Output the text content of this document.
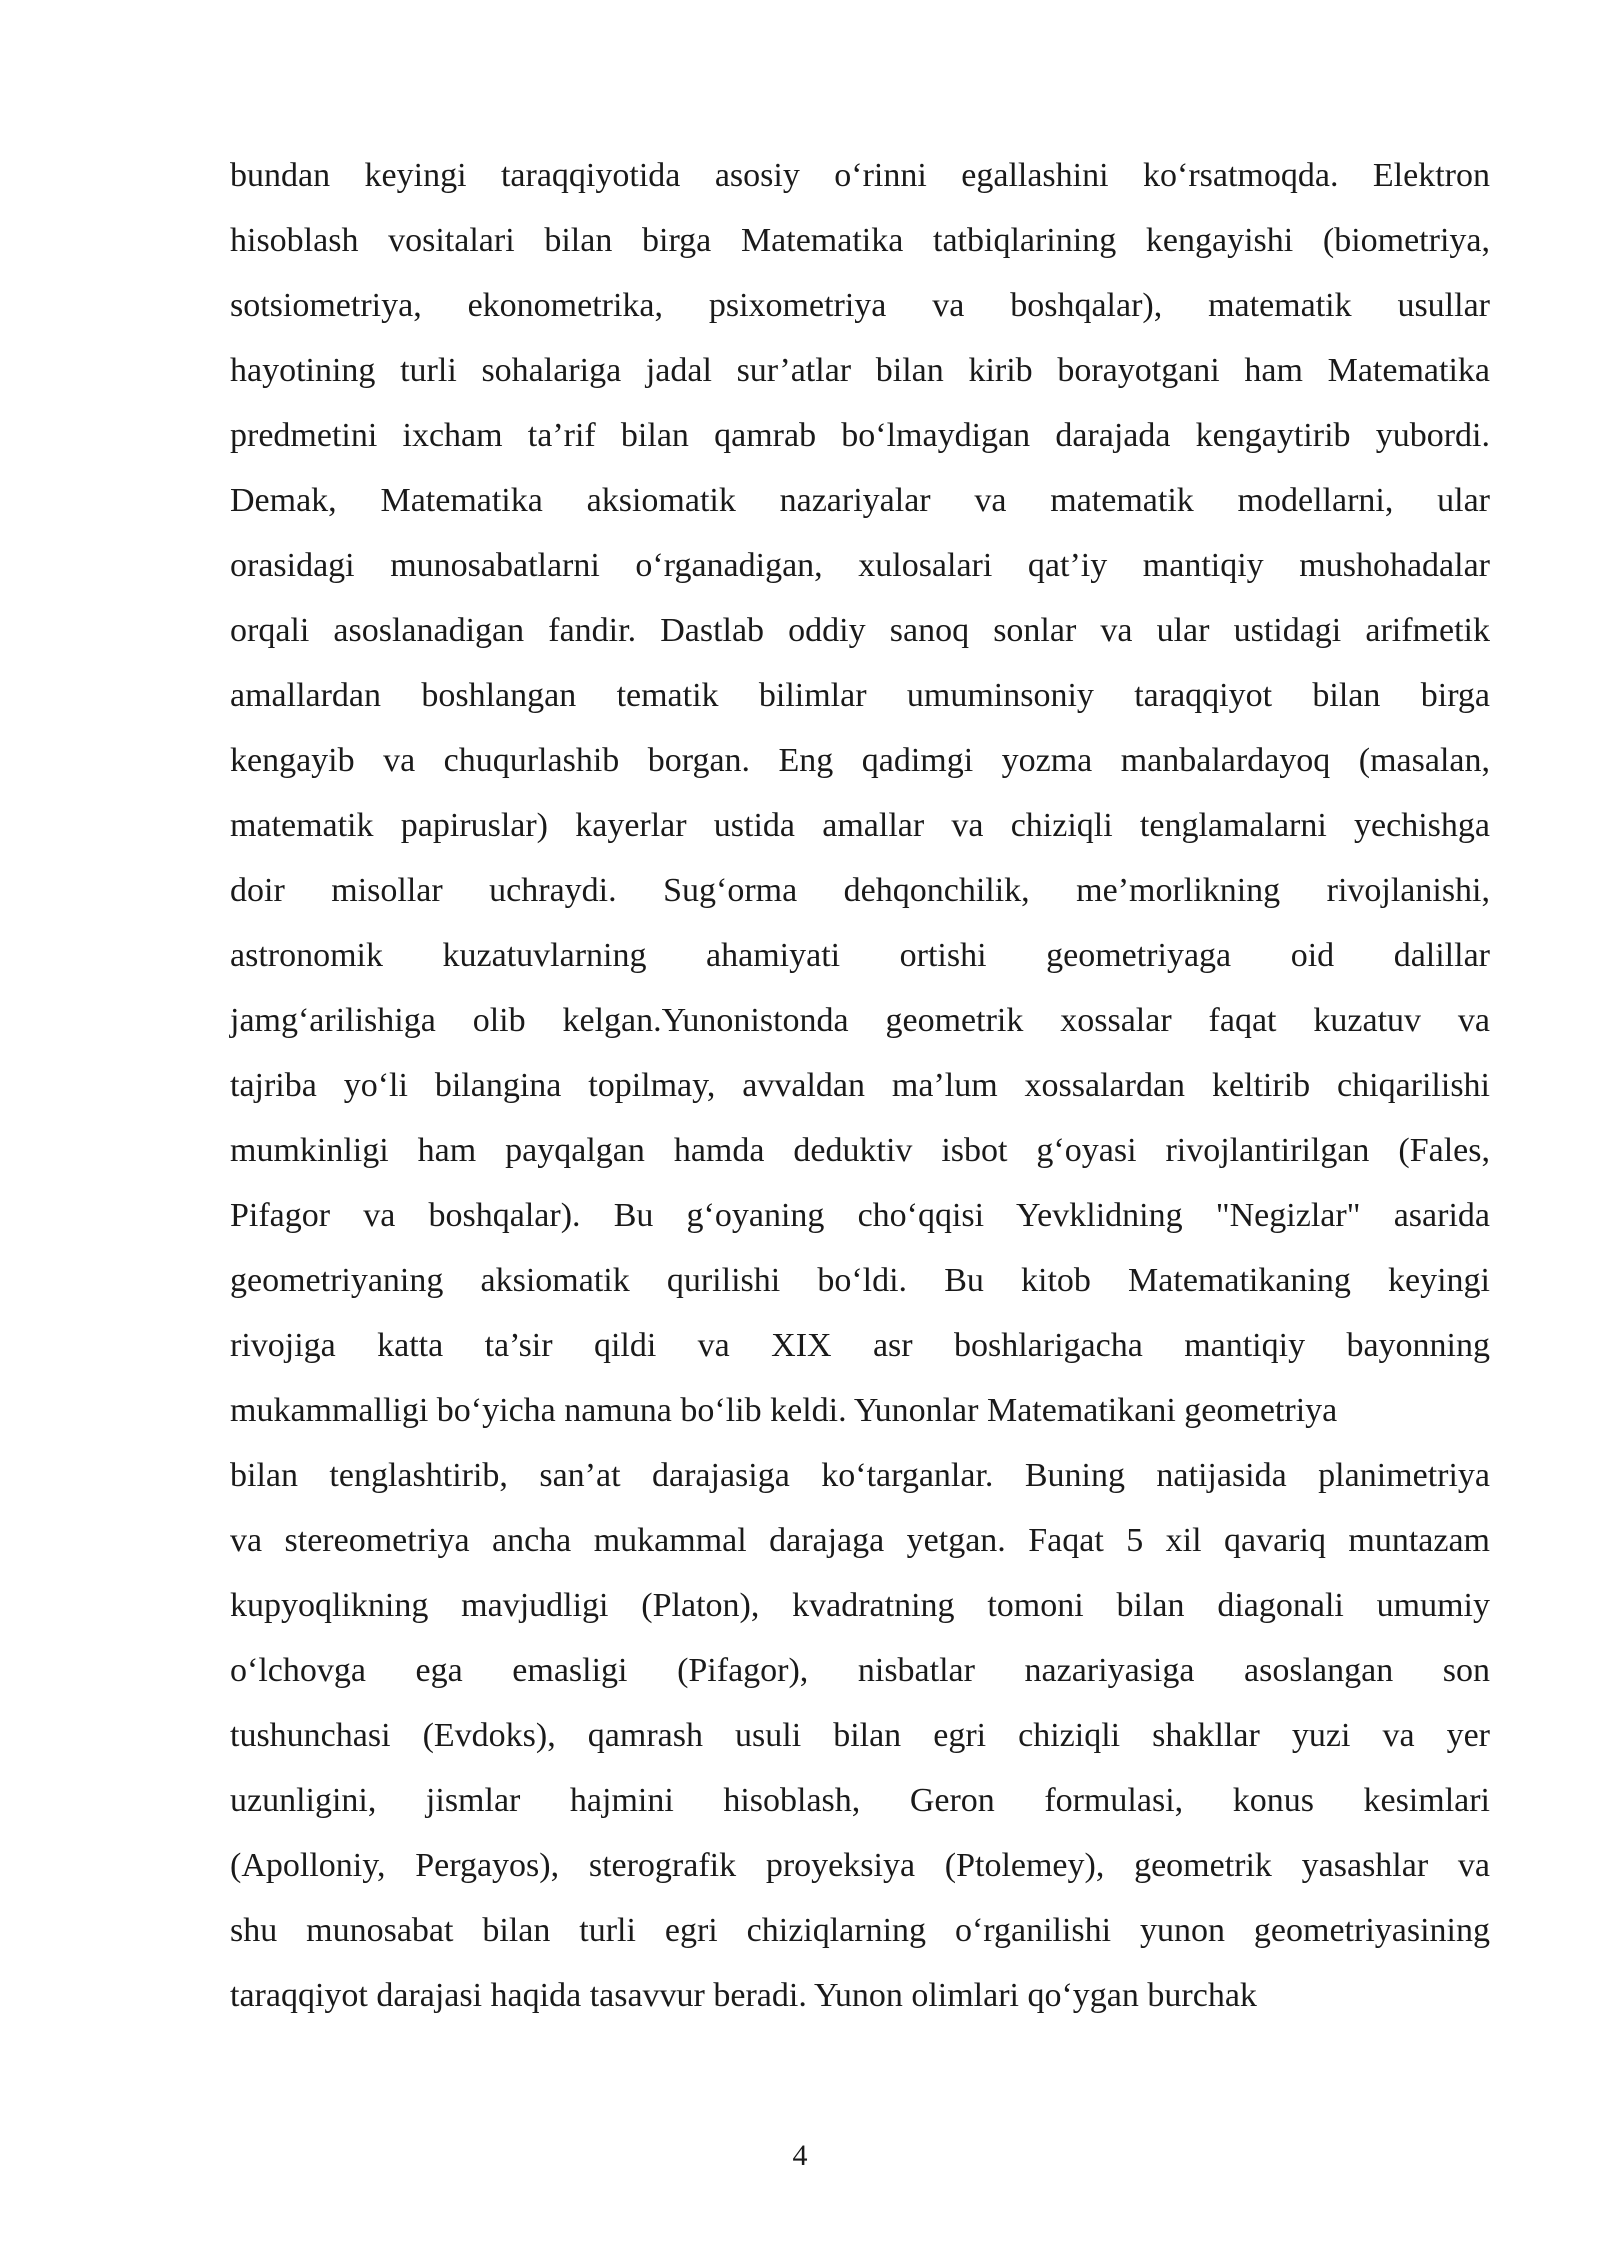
bundan keyingi taraqqiyotida asosiy o‘rinni egallashini ko‘rsatmoqda. Elektron
hisoblash vositalari bilan birga Matematika tatbiqlarining kengayishi (biometriya,
sotsiometriya, ekonometrika, psixometriya va boshqalar), matematik usullar
hayotining turli sohalariga jadal sur’atlar bilan kirib borayotgani ham Matematika
predmetini ixcham ta’rif bilan qamrab bo‘lmaydigan darajada kengaytirib yubordi.
Demak, Matematika aksiomatik nazariyalar va matematik modellarni, ular
orasidagi munosabatlarni o‘rganadigan, xulosalari qat’iy mantiqiy mushohadalar
orqali asoslanadigan fandir. Dastlab oddiy sanoq sonlar va ular ustidagi arifmetik
amallardan boshlangan tematik bilimlar umuminsoniy taraqqiyot bilan birga
kengayib va chuqurlashib borgan. Eng qadimgi yozma manbalardayoq (masalan,
matematik papiruslar) kayerlar ustida amallar va chiziqli tenglamalarni yechishga
doir misollar uchraydi. Sug‘orma dehqonchilik, me’morlikning rivojlanishi,
astronomik kuzatuvlarning ahamiyati ortishi geometriyaga oid dalillar
jamg‘arilishiga olib kelgan.Yunonistonda geometrik xossalar faqat kuzatuv va
tajriba yo‘li bilangina topilmay, avvaldan ma’lum xossalardan keltirib chiqarilishi
mumkinligi ham payqalgan hamda deduktiv isbot g‘oyasi rivojlantirilgan (Fales,
Pifagor va boshqalar). Bu g‘oyaning cho‘qqisi Yevklidning "Negizlar" asarida
geometriyaning aksiomatik qurilishi bo‘ldi. Bu kitob Matematikaning keyingi
rivojiga katta ta’sir qildi va XIX asr boshlarigacha mantiqiy bayonning
mukammalligi bo‘yicha namuna bo‘lib keldi. Yunonlar Matematikani geometriya
bilan tenglashtirib, san’at darajasiga ko‘targanlar. Buning natijasida planimetriya
va stereometriya ancha mukammal darajaga yetgan. Faqat 5 xil qavariq muntazam
kupyoqlikning mavjudligi (Platon), kvadratning tomoni bilan diagonali umumiy
o‘lchovga ega emasligi (Pifagor), nisbatlar nazariyasiga asoslangan son
tushunchasi (Evdoks), qamrash usuli bilan egri chiziqli shakllar yuzi va yer
uzunligini, jismlar hajmini hisoblash, Geron formulasi, konus kesimlari
(Apolloniy, Pergayos), sterografik proyeksiya (Ptolemey), geometrik yasashlar va
shu munosabat bilan turli egri chiziqlarning o‘rganilishi yunon geometriyasining
taraqqiyot darajasi haqida tasavvur beradi. Yunon olimlari qo‘ygan burchak
4
